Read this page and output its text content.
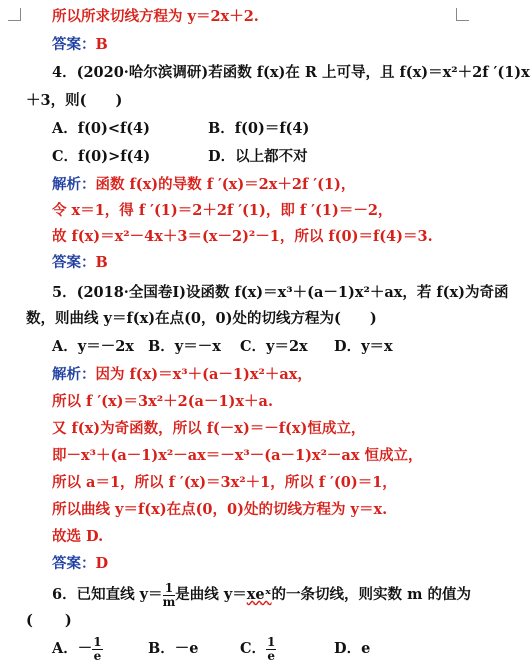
所以所求切线方程为 y＝2x＋2.
答案：B
4．(2020·哈尔滨调研)若函数 f(x)在 R 上可导，且 f(x)＝x²＋2f ′(1)x
＋3，则(　　)
A．f(0)<f(4)	B．f(0)＝f(4)
C．f(0)>f(4)	D．以上都不对
解析：函数 f(x)的导数 f ′(x)＝2x＋2f ′(1)，
令 x＝1，得 f ′(1)＝2＋2f ′(1)，即 f ′(1)＝－2，
故 f(x)＝x²－4x＋3＝(x－2)²－1，所以 f(0)＝f(4)＝3.
答案：B
5．(2018·全国卷Ⅰ)设函数 f(x)＝x³＋(a－1)x²＋ax，若 f(x)为奇函
数，则曲线 y＝f(x)在点(0，0)处的切线方程为(　　)
A．y＝－2x B．y＝－x C．y＝2x D．y＝x
解析：因为 f(x)＝x³＋(a－1)x²＋ax，
所以 f ′(x)＝3x²＋2(a－1)x＋a.
又 f(x)为奇函数，所以 f(－x)＝－f(x)恒成立，
即－x³＋(a－1)x²－ax＝－x³－(a－1)x²－ax 恒成立，
所以 a＝1，所以 f ′(x)＝3x²＋1，所以 f ′(0)＝1，
所以曲线 y＝f(x)在点(0，0)处的切线方程为 y＝x.
故选 D.
答案：D
6．已知直线 $y= \frac{1}{m}$ 是曲线 y＝xeˣ的一条切线，则实数 m 的值为
(　　)
A．－ $\frac{1}{e}$	B．－e	C． $\frac{1}{e}$	D．e
